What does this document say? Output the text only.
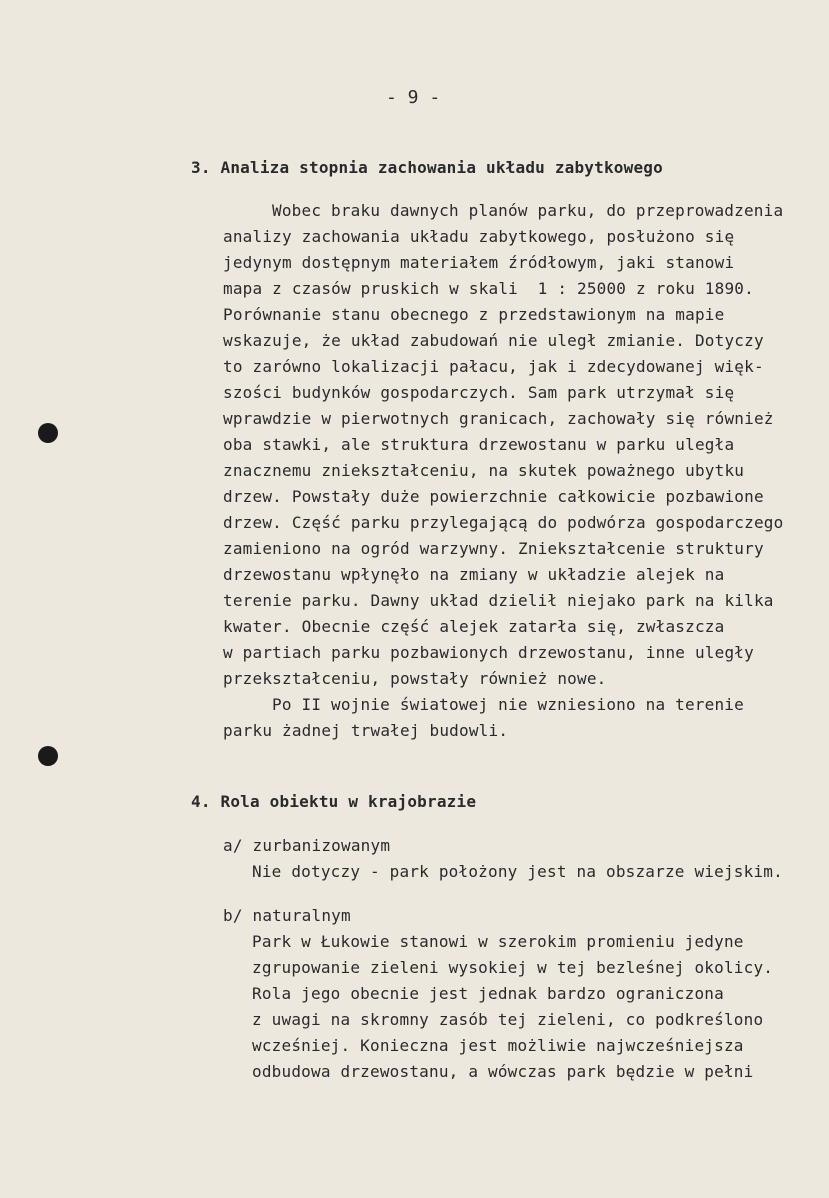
- 9 -
3. Analiza stopnia zachowania układu zabytkowego
Wobec braku dawnych planów parku, do przeprowadzenia
analizy zachowania układu zabytkowego, posłużono się
jedynym dostępnym materiałem źródłowym, jaki stanowi
mapa z czasów pruskich w skali  1 : 25000 z roku 1890.
Porównanie stanu obecnego z przedstawionym na mapie
wskazuje, że układ zabudowań nie uległ zmianie. Dotyczy
to zarówno lokalizacji pałacu, jak i zdecydowanej więk-
szości budynków gospodarczych. Sam park utrzymał się
wprawdzie w pierwotnych granicach, zachowały się również
oba stawki, ale struktura drzewostanu w parku uległa
znacznemu zniekształceniu, na skutek poważnego ubytku
drzew. Powstały duże powierzchnie całkowicie pozbawione
drzew. Część parku przylegającą do podwórza gospodarczego
zamieniono na ogród warzywny. Zniekształcenie struktury
drzewostanu wpłynęło na zmiany w układzie alejek na
terenie parku. Dawny układ dzielił niejako park na kilka
kwater. Obecnie część alejek zatarła się, zwłaszcza
w partiach parku pozbawionych drzewostanu, inne uległy
przekształceniu, powstały również nowe.
Po II wojnie światowej nie wzniesiono na terenie
parku żadnej trwałej budowli.
4. Rola obiektu w krajobrazie
a/ zurbanizowanym
Nie dotyczy - park położony jest na obszarze wiejskim.
b/ naturalnym
Park w Łukowie stanowi w szerokim promieniu jedyne
zgrupowanie zieleni wysokiej w tej bezleśnej okolicy.
Rola jego obecnie jest jednak bardzo ograniczona
z uwagi na skromny zasób tej zieleni, co podkreślono
wcześniej. Konieczna jest możliwie najwcześniejsza
odbudowa drzewostanu, a wówczas park będzie w pełni
